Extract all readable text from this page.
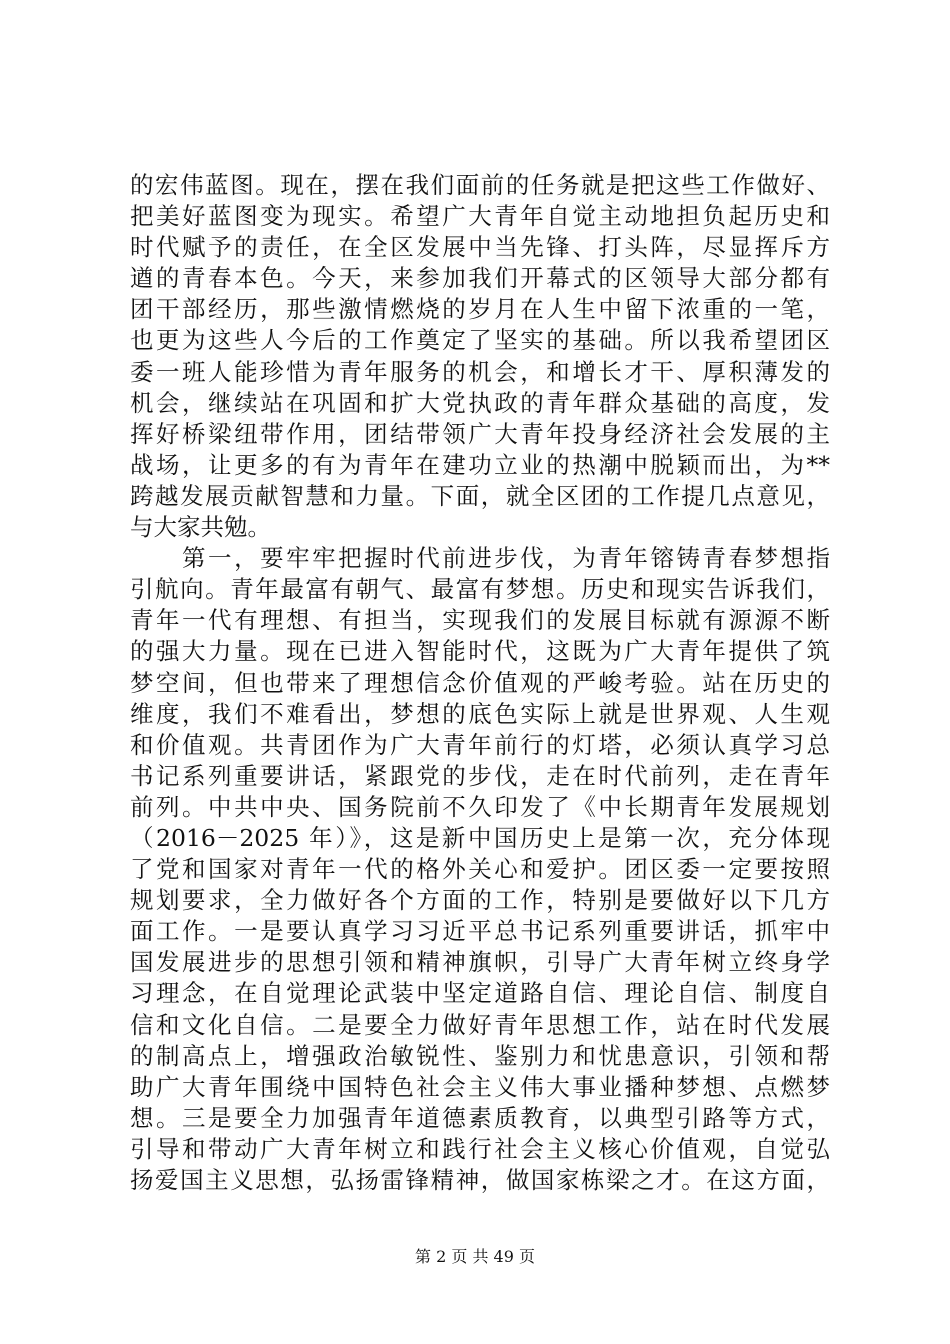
的宏伟蓝图。现在，摆在我们面前的任务就是把这些工作做好、
把美好蓝图变为现实。希望广大青年自觉主动地担负起历史和
时代赋予的责任，在全区发展中当先锋、打头阵，尽显挥斥方
遒的青春本色。今天，来参加我们开幕式的区领导大部分都有
团干部经历，那些激情燃烧的岁月在人生中留下浓重的一笔，
也更为这些人今后的工作奠定了坚实的基础。所以我希望团区
委一班人能珍惜为青年服务的机会，和增长才干、厚积薄发的
机会，继续站在巩固和扩大党执政的青年群众基础的高度，发
挥好桥梁纽带作用，团结带领广大青年投身经济社会发展的主
战场，让更多的有为青年在建功立业的热潮中脱颖而出，为**
跨越发展贡献智慧和力量。下面，就全区团的工作提几点意见，
与大家共勉。
　　第一，要牢牢把握时代前进步伐，为青年镕铸青春梦想指
引航向。青年最富有朝气、最富有梦想。历史和现实告诉我们，
青年一代有理想、有担当，实现我们的发展目标就有源源不断
的强大力量。现在已进入智能时代，这既为广大青年提供了筑
梦空间，但也带来了理想信念价值观的严峻考验。站在历史的
维度，我们不难看出，梦想的底色实际上就是世界观、人生观
和价值观。共青团作为广大青年前行的灯塔，必须认真学习总
书记系列重要讲话，紧跟党的步伐，走在时代前列，走在青年
前列。中共中央、国务院前不久印发了《中长期青年发展规划
（2016－2025 年）》，这是新中国历史上是第一次，充分体现
了党和国家对青年一代的格外关心和爱护。团区委一定要按照
规划要求，全力做好各个方面的工作，特别是要做好以下几方
面工作。一是要认真学习习近平总书记系列重要讲话，抓牢中
国发展进步的思想引领和精神旗帜，引导广大青年树立终身学
习理念，在自觉理论武装中坚定道路自信、理论自信、制度自
信和文化自信。二是要全力做好青年思想工作，站在时代发展
的制高点上，增强政治敏锐性、鉴别力和忧患意识，引领和帮
助广大青年围绕中国特色社会主义伟大事业播种梦想、点燃梦
想。三是要全力加强青年道德素质教育，以典型引路等方式，
引导和带动广大青年树立和践行社会主义核心价值观，自觉弘
扬爱国主义思想，弘扬雷锋精神，做国家栋梁之才。在这方面，
第 2 页 共 49 页
